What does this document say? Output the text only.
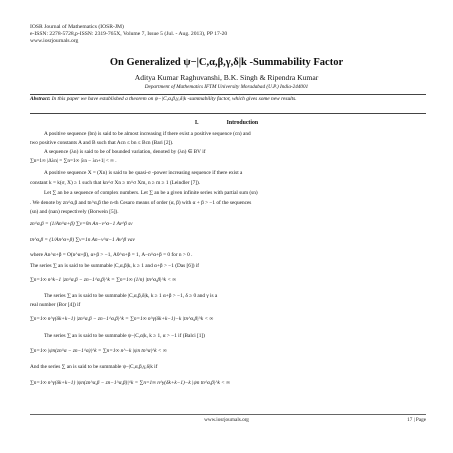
IOSR Journal of Mathematics (IOSR-JM)
e-ISSN: 2278-5728,p-ISSN: 2319-765X, Volume 7, Issue 5 (Jul. - Aug. 2013), PP 17-20
www.iosrjournals.org
On Generalized ψ−|C,α,β,γ,δ|k -Summability Factor
Aditya Kumar Raghuvanshi, B.K. Singh & Ripendra Kumar
Department of Mathematics IFTM University Moradabad (U.P.) India-244001
Abstract: In this paper we have established a theorem on ψ−|C,α,β,γ,δ|k -summability factor, which gives some new results.
I.	Introduction
A positive sequence (bn) is said to be almost increasing if there exist a positive sequence (cn) and
two positive constants A and B such that Acn ≤ bn ≤ Bcn (Bari [2]).
A sequence (λn) is said to be of bounded variation, denoted by (λn) ∈ BV if
∑n=1∞ |Δλn| = ∑n=1∞ |λn − λn+1| < ∞ .
A positive sequence X = (Xn) is said to be quasi-σ -power increasing sequence if there exist a
constant k = k(σ, X) ≥ 1 such that kn^σ Xn ≥ m^σ Xm, n ≥ m ≥ 1 (Leindler [7]).
Let ∑ an be a sequence of complex numbers. Let ∑ an be a given infinite series with partial sum (sn)
. We denote by zn^α,β and tn^α,β the n-th Cesaro means of order (α, β) with α + β > −1 of the sequences
(sn) and (nan) respectively (Borwein [5]).
zn^α,β = (1/An^α+β) ∑v=0n An−v^α−1 Av^β sv
tn^α,β = (1/An^α+β) ∑v=1n An−v^α−1 Av^β vav
where An^α+β = O(n^α+β), α+β > −1, A0^α+β = 1, A−n^α+β = 0 for n > 0 .
The series ∑ an is said to be summable |C,α,β|k, k ≥ 1 and α+β > −1 (Das [6]) if
∑n=1∞ n^k−1 |zn^α,β − zn−1^α,β|^k = ∑n=1∞ (1/n) |tn^α,β|^k < ∞
The series ∑ an is said to be summable |C,α,β,δ|k, k ≥ 1 α+β > −1, δ ≥ 0 and γ is a
real number (Bor [4]) if
∑n=1∞ n^γ(δk+k−1) |zn^α,β − zn−1^α,β|^k = ∑n=1∞ n^γ(δk+k−1)−k |tn^α,β|^k < ∞
The series ∑ an is said to be summable ψ−|C,α|k, k ≥ 1, α > −1 if (Balci [1])
∑n=1∞ |ψn(zn^α − zn−1^α)|^k = ∑n=1∞ n^−k |ψn tn^α|^k < ∞
And the series ∑ an is said to be summable ψ−|C,α,β,γ,δ|k if
∑n=1∞ n^γ(δk+k−1) |ψn(zn^α,β − zn−1^α,β)|^k = ∑n=1∞ n^γ(δk+k−1)−k |ψn tn^α,β|^k < ∞
www.iosrjournals.org	17 | Page
